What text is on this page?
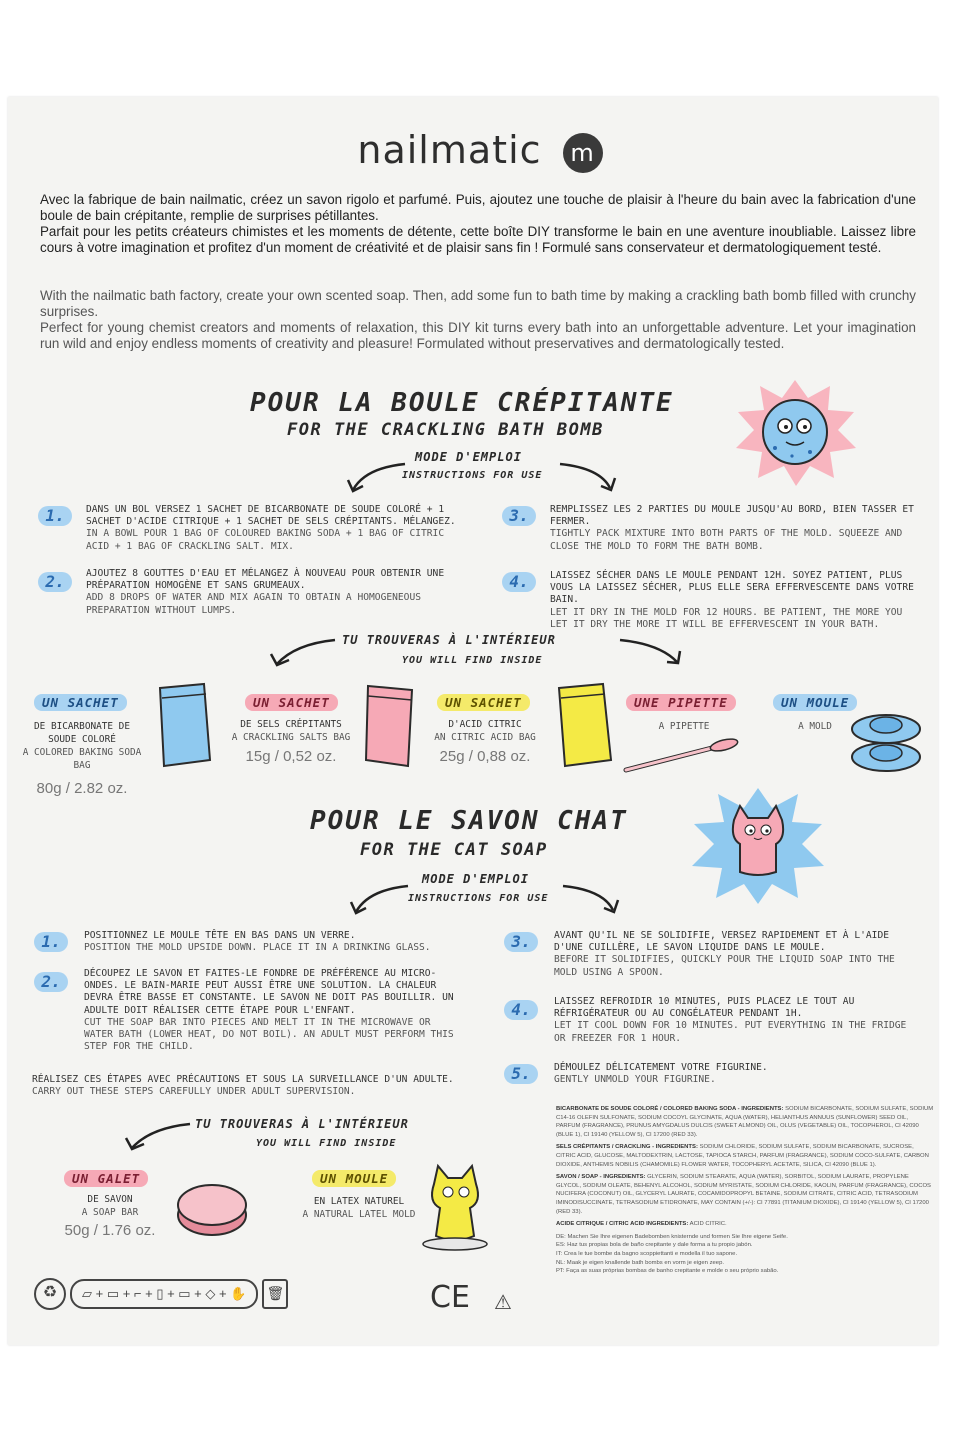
nailmatic m
Avec la fabrique de bain nailmatic, créez un savon rigolo et parfumé. Puis, ajoutez une touche de plaisir à l'heure du bain avec la fabrication d'une boule de bain crépitante, remplie de surprises pétillantes.
Parfait pour les petits créateurs chimistes et les moments de détente, cette boîte DIY transforme le bain en une aventure inoubliable. Laissez libre cours à votre imagination et profitez d'un moment de créativité et de plaisir sans fin ! Formulé sans conservateur et dermatologiquement testé.
With the nailmatic bath factory, create your own scented soap. Then, add some fun to bath time by making a crackling bath bomb filled with crunchy surprises.
Perfect for young chemist creators and moments of relaxation, this DIY kit turns every bath into an unforgettable adventure. Let your imagination run wild and enjoy endless moments of creativity and pleasure! Formulated without preservatives and dermatologically tested.
POUR LA BOULE CRÉPITANTE
FOR THE CRACKLING BATH BOMB
MODE D'EMPLOI
INSTRUCTIONS FOR USE
1.	DANS UN BOL VERSEZ 1 SACHET DE BICARBONATE DE SOUDE COLORÉ + 1 SACHET D'ACIDE CITRIQUE + 1 SACHET DE SELS CRÉPITANTS. MÉLANGEZ.
IN A BOWL POUR 1 BAG OF COLOURED BAKING SODA + 1 BAG OF CITRIC ACID + 1 BAG OF CRACKLING SALT. MIX.
2.	AJOUTEZ 8 GOUTTES D'EAU ET MÉLANGEZ À NOUVEAU POUR OBTENIR UNE PRÉPARATION HOMOGÈNE ET SANS GRUMEAUX.
ADD 8 DROPS OF WATER AND MIX AGAIN TO OBTAIN A HOMOGENEOUS PREPARATION WITHOUT LUMPS.
3.	REMPLISSEZ LES 2 PARTIES DU MOULE JUSQU'AU BORD, BIEN TASSER ET FERMER.
TIGHTLY PACK MIXTURE INTO BOTH PARTS OF THE MOLD. SQUEEZE AND CLOSE THE MOLD TO FORM THE BATH BOMB.
4.	LAISSEZ SÉCHER DANS LE MOULE PENDANT 12H. SOYEZ PATIENT, PLUS VOUS LA LAISSEZ SÉCHER, PLUS ELLE SERA EFFERVESCENTE DANS VOTRE BAIN.
LET IT DRY IN THE MOLD FOR 12 HOURS. BE PATIENT, THE MORE YOU LET IT DRY THE MORE IT WILL BE EFFERVESCENT IN YOUR BATH.
TU TROUVERAS À L'INTÉRIEUR
YOU WILL FIND INSIDE
UN SACHET
DE BICARBONATE DE SOUDE COLORÉ
A COLORED BAKING SODA BAG
80g / 2.82 oz.
UN SACHET
DE SELS CRÉPITANTS
A CRACKLING SALTS BAG
15g / 0,52 oz.
UN SACHET
D'ACID CITRIC
AN CITRIC ACID BAG
25g / 0,88 oz.
UNE PIPETTE
A PIPETTE
UN MOULE
A MOLD
POUR LE SAVON CHAT
FOR THE CAT SOAP
MODE D'EMPLOI
INSTRUCTIONS FOR USE
1.	POSITIONNEZ LE MOULE TÊTE EN BAS DANS UN VERRE.
POSITION THE MOLD UPSIDE DOWN. PLACE IT IN A DRINKING GLASS.
2.	DÉCOUPEZ LE SAVON ET FAITES-LE FONDRE DE PRÉFÉRENCE AU MICRO-ONDES. LE BAIN-MARIE PEUT AUSSI ÊTRE UNE SOLUTION. LA CHALEUR DEVRA ÊTRE BASSE ET CONSTANTE. LE SAVON NE DOIT PAS BOUILLIR. UN ADULTE DOIT RÉALISER CETTE ÉTAPE POUR L'ENFANT.
CUT THE SOAP BAR INTO PIECES AND MELT IT IN THE MICROWAVE OR WATER BATH (LOWER HEAT, DO NOT BOIL). AN ADULT MUST PERFORM THIS STEP FOR THE CHILD.
RÉALISEZ CES ÉTAPES AVEC PRÉCAUTIONS ET SOUS LA SURVEILLANCE D'UN ADULTE.
CARRY OUT THESE STEPS CAREFULLY UNDER ADULT SUPERVISION.
3.	AVANT QU'IL NE SE SOLIDIFIE, VERSEZ RAPIDEMENT ET À L'AIDE D'UNE CUILLÈRE, LE SAVON LIQUIDE DANS LE MOULE.
BEFORE IT SOLIDIFIES, QUICKLY POUR THE LIQUID SOAP INTO THE MOLD USING A SPOON.
4.	LAISSEZ REFROIDIR 10 MINUTES, PUIS PLACEZ LE TOUT AU RÉFRIGÉRATEUR OU AU CONGÉLATEUR PENDANT 1H.
LET IT COOL DOWN FOR 10 MINUTES. PUT EVERYTHING IN THE FRIDGE OR FREEZER FOR 1 HOUR.
5.	DÉMOULEZ DÉLICATEMENT VOTRE FIGURINE.
GENTLY UNMOLD YOUR FIGURINE.
TU TROUVERAS À L'INTÉRIEUR
YOU WILL FIND INSIDE
UN GALET
DE SAVON
A SOAP BAR
50g / 1.76 oz.
UN MOULE
EN LATEX NATUREL
A NATURAL LATEL MOLD
BICARBONATE DE SOUDE COLORÉ / COLORED BAKING SODA - INGREDIENTS: SODIUM BICARBONATE, SODIUM SULFATE, SODIUM C14-16 OLEFIN SULFONATE, SODIUM COCOYL GLYCINATE, AQUA (WATER), HELIANTHUS ANNUUS (SUNFLOWER) SEED OIL, PARFUM (FRAGRANCE), PRUNUS AMYGDALUS DULCIS (SWEET ALMOND) OIL, OLUS (VEGETABLE) OIL, TOCOPHEROL, CI 42090 (BLUE 1), CI 19140 (YELLOW 5), CI 17200 (RED 33).
SELS CRÉPITANTS / CRACKLING - INGREDIENTS: SODIUM CHLORIDE, SODIUM SULFATE, SODIUM BICARBONATE, SUCROSE, CITRIC ACID, GLUCOSE, MALTODEXTRIN, LACTOSE, TAPIOCA STARCH, PARFUM (FRAGRANCE), SODIUM COCO-SULFATE, CARBON DIOXIDE, ANTHEMIS NOBILIS (CHAMOMILE) FLOWER WATER, TOCOPHERYL ACETATE, SILICA, CI 42090 (BLUE 1).
SAVON / SOAP - INGREDIENTS: GLYCERIN, SODIUM STEARATE, AQUA (WATER), SORBITOL, SODIUM LAURATE, PROPYLENE GLYCOL, SODIUM OLEATE, BEHENYL ALCOHOL, SODIUM MYRISTATE, SODIUM CHLORIDE, KAOLIN, PARFUM (FRAGRANCE), COCOS NUCIFERA (COCONUT) OIL, GLYCERYL LAURATE, COCAMIDOPROPYL BETAINE, SODIUM CITRATE, CITRIC ACID, TETRASODIUM IMINODISUCCINATE, TETRASODIUM ETIDRONATE, MAY CONTAIN (+/-): CI 77891 (TITANIUM DIOXIDE), CI 19140 (YELLOW 5), CI 17200 (RED 33).
ACIDE CITRIQUE / CITRIC ACID INGREDIENTS: ACID CITRIC.
DE: Machen Sie Ihre eigenen Badebomben knisternde und formen Sie Ihre eigene Seife.
ES: Haz tus propias bola de baño crepitante y dale forma a tu propio jabón.
IT: Crea le tue bombe da bagno scoppiettanti e modella il tuo sapone.
NL: Maak je eigen knallende bath bombs en vorm je eigen zeep.
PT: Faça as suas próprias bombas de banho crepitante e molde o seu próprio sabão.
♻	▱ + ▭ + ⌐ + ▯ + ▭ + ◇ + ✋	🗑	CE ⚠
